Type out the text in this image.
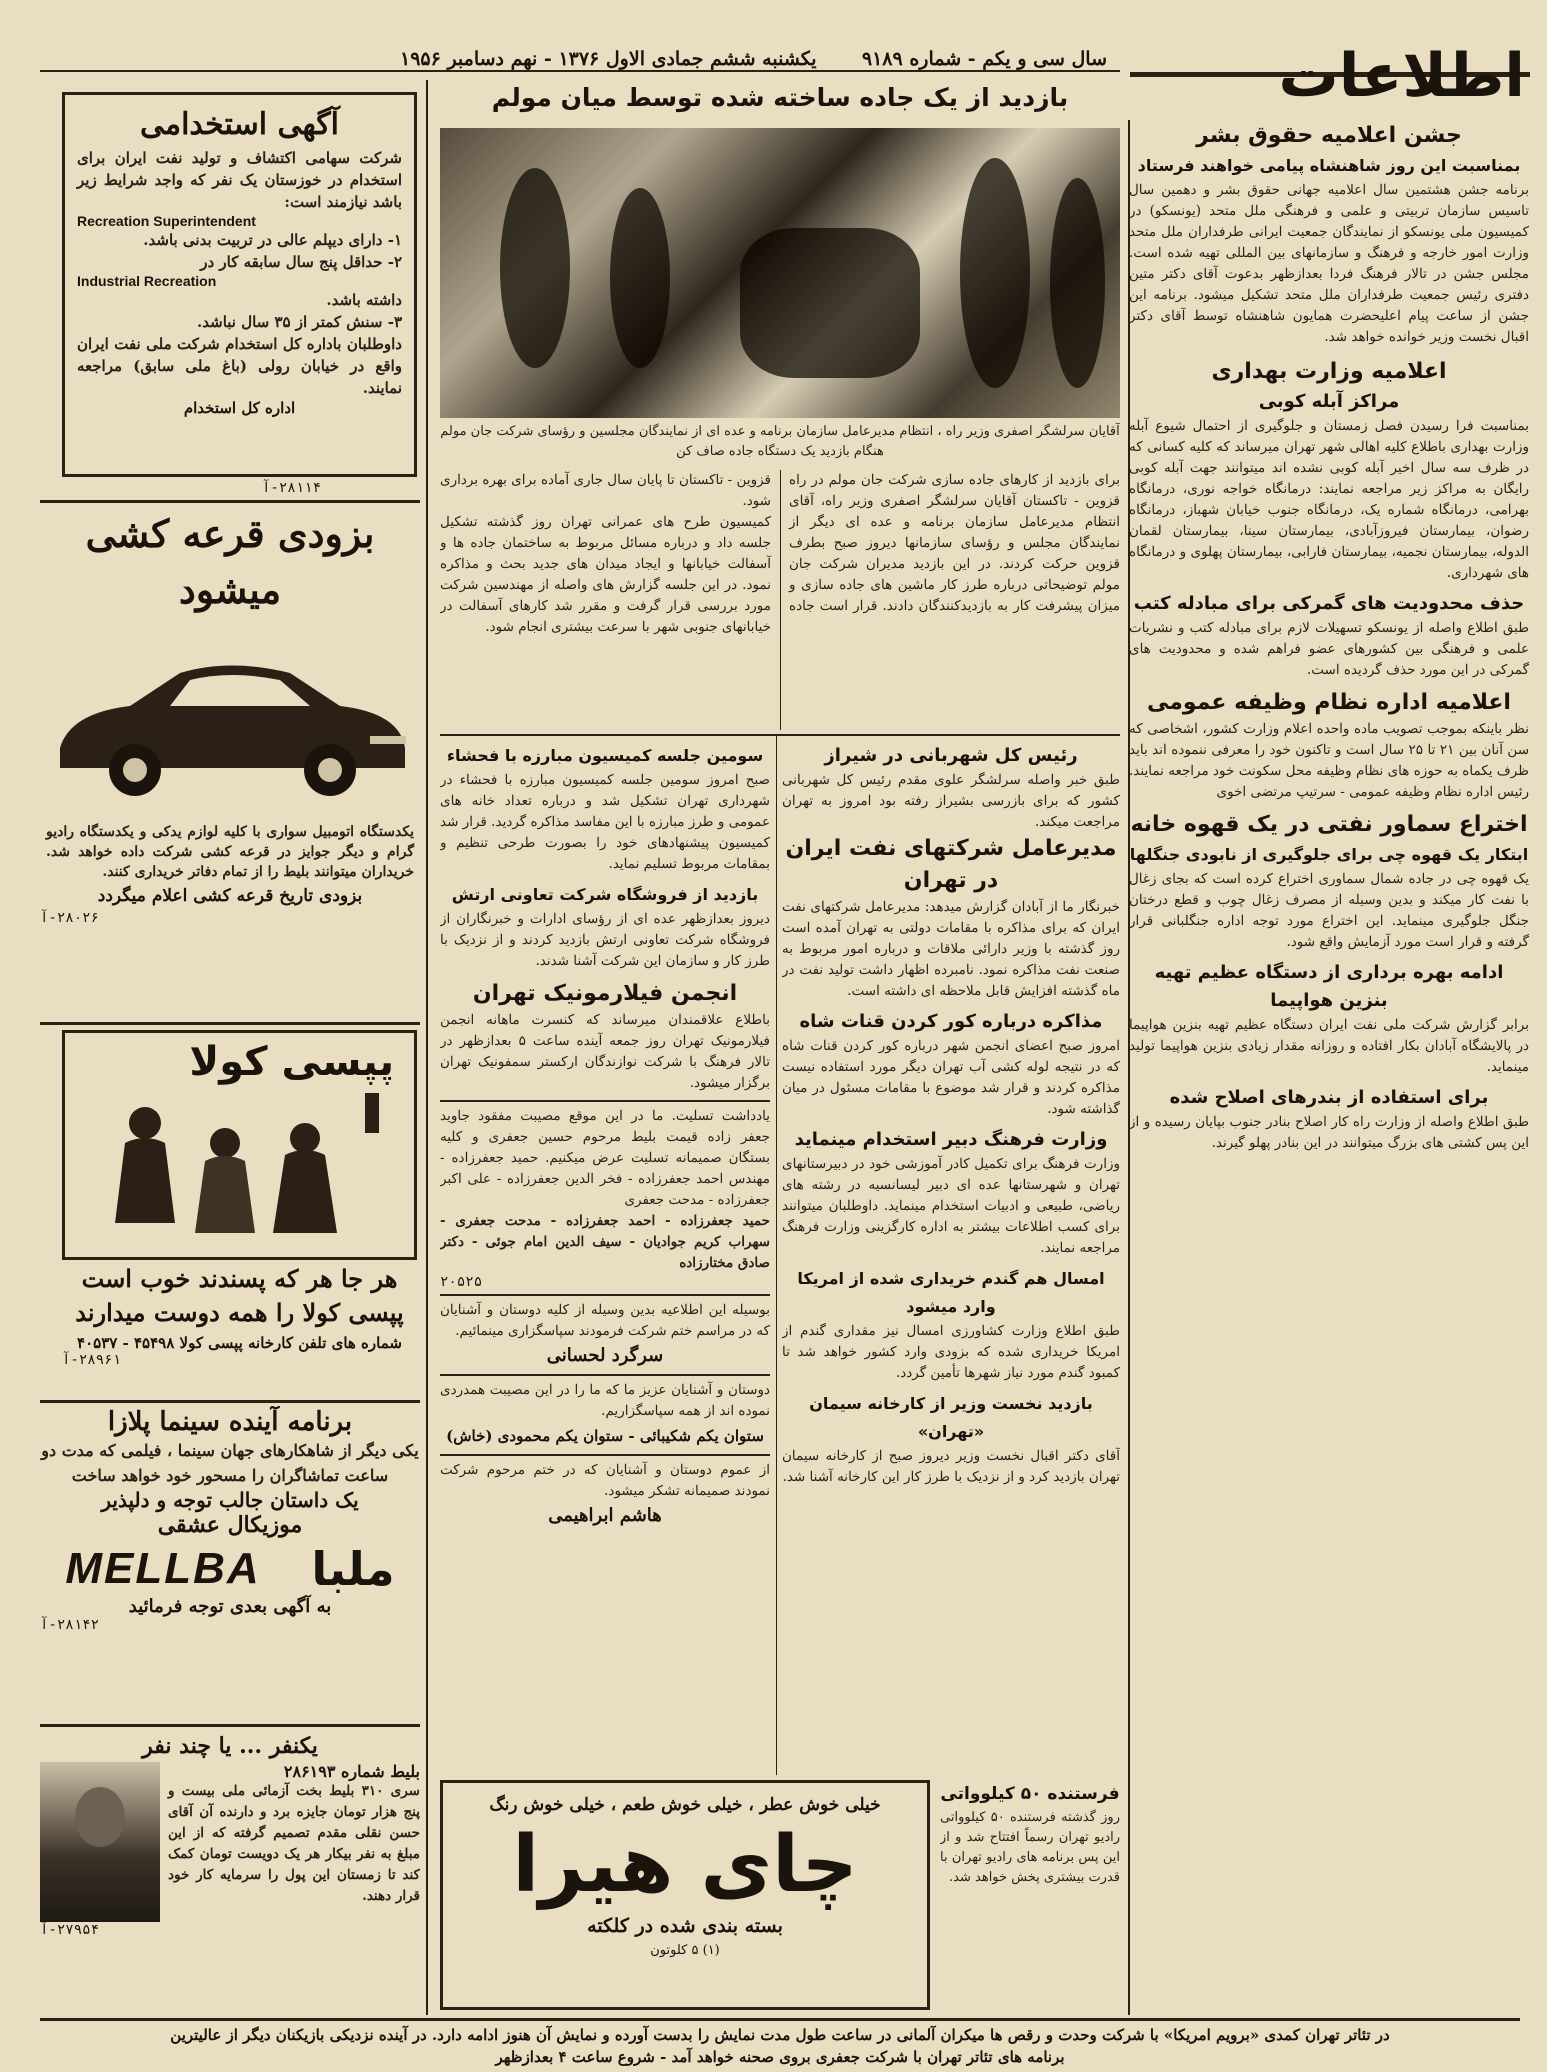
اطلاعات
سال سی و یکم - شماره ۹۱۸۹
یکشنبه ششم جمادی الاول ۱۳۷۶ - نهم دسامبر ۱۹۵۶
جشن اعلامیه حقوق بشر
بمناسبت این روز شاهنشاه پیامی خواهند فرستاد

برنامه جشن هشتمین سال اعلامیه جهانی حقوق بشر و دهمین سال تاسیس سازمان تربیتی و علمی و فرهنگی ملل متحد (یونسکو) در کمیسیون ملی یونسکو از نمایندگان جمعیت ایرانی طرفداران ملل متحد وزارت امور خارجه و فرهنگ و سازمانهای بین المللی تهیه شده است. مجلس جشن در تالار فرهنگ فردا بعدازظهر بدعوت آقای دکتر متین دفتری رئیس جمعیت طرفداران ملل متحد تشکیل میشود. برنامه این جشن از ساعت پیام اعلیحضرت همایون شاهنشاه توسط آقای دکتر اقبال نخست وزیر خوانده خواهد شد.

اعلامیه وزارت بهداری
مراکز آبله کوبی

بمناسبت فرا رسیدن فصل زمستان و جلوگیری از احتمال شیوع آبله وزارت بهداری باطلاع کلیه اهالی شهر تهران میرساند که کلیه کسانی که در ظرف سه سال اخیر آبله کوبی نشده اند میتوانند جهت آبله کوبی رایگان به مراکز زیر مراجعه نمایند: درمانگاه خواجه نوری، درمانگاه بهرامی، درمانگاه شماره یک، درمانگاه جنوب خیابان شهباز، درمانگاه رضوان، بیمارستان فیروزآبادی، بیمارستان سینا، بیمارستان لقمان الدوله، بیمارستان نجمیه، بیمارستان فارابی، بیمارستان پهلوی و درمانگاه های شهرداری.

حذف محدودیت های گمرکی برای مبادله کتب

طبق اطلاع واصله از یونسکو تسهیلات لازم برای مبادله کتب و نشریات علمی و فرهنگی بین کشورهای عضو فراهم شده و محدودیت های گمرکی در این مورد حذف گردیده است.

اعلامیه اداره نظام وظیفه عمومی

نظر باینکه بموجب تصویب ماده واحده اعلام وزارت کشور، اشخاصی که سن آنان بین ۲۱ تا ۲۵ سال است و تاکنون خود را معرفی ننموده اند باید ظرف یکماه به حوزه های نظام وظیفه محل سکونت خود مراجعه نمایند. رئیس اداره نظام وظیفه عمومی - سرتیپ مرتضی اخوی

اختراع سماور نفتی در یک قهوه خانه
ابتکار یک قهوه چی برای جلوگیری از نابودی جنگلها

یک قهوه چی در جاده شمال سماوری اختراع کرده است که بجای زغال با نفت کار میکند و بدین وسیله از مصرف زغال چوب و قطع درختان جنگل جلوگیری مینماید. این اختراع مورد توجه اداره جنگلبانی قرار گرفته و قرار است مورد آزمایش واقع شود.

ادامه بهره برداری از دستگاه عظیم تهیه بنزین هواپیما

برابر گزارش شرکت ملی نفت ایران دستگاه عظیم تهیه بنزین هواپیما در پالایشگاه آبادان بکار افتاده و روزانه مقدار زیادی بنزین هواپیما تولید مینماید.

برای استفاده از بندرهای اصلاح شده

طبق اطلاع واصله از وزارت راه کار اصلاح بنادر جنوب بپایان رسیده و از این پس کشتی های بزرگ میتوانند در این بنادر پهلو گیرند.

بازدید از یک جاده ساخته شده توسط میان مولم

آقایان سرلشگر اصفری وزیر راه ، انتظام مدیرعامل سازمان برنامه و عده ای از نمایندگان مجلسین و رؤسای شرکت جان مولم هنگام بازدید یک دستگاه جاده صاف کن

برای بازدید از کارهای جاده سازی شرکت جان مولم در راه قزوین - تاکستان آقایان سرلشگر اصفری وزیر راه، آقای انتظام مدیرعامل سازمان برنامه و عده ای دیگر از نمایندگان مجلس و رؤسای سازمانها دیروز صبح بطرف قزوین حرکت کردند. در این بازدید مدیران شرکت جان مولم توضیحاتی درباره طرز کار ماشین های جاده سازی و میزان پیشرفت کار به بازدیدکنندگان دادند. قرار است جاده قزوین - تاکستان تا پایان سال جاری آماده برای بهره برداری شود.

کمیسیون طرح های عمرانی تهران روز گذشته تشکیل جلسه داد و درباره مسائل مربوط به ساختمان جاده ها و آسفالت خیابانها و ایجاد میدان های جدید بحث و مذاکره نمود. در این جلسه گزارش های واصله از مهندسین شرکت مورد بررسی قرار گرفت و مقرر شد کارهای آسفالت در خیابانهای جنوبی شهر با سرعت بیشتری انجام شود.

رئیس کل شهربانی در شیراز

طبق خبر واصله سرلشگر علوی مقدم رئیس کل شهربانی کشور که برای بازرسی بشیراز رفته بود امروز به تهران مراجعت میکند.

مدیرعامل شرکتهای نفت ایران در تهران

خبرنگار ما از آبادان گزارش میدهد: مدیرعامل شرکتهای نفت ایران که برای مذاکره با مقامات دولتی به تهران آمده است روز گذشته با وزیر دارائی ملاقات و درباره امور مربوط به صنعت نفت مذاکره نمود. نامبرده اظهار داشت تولید نفت در ماه گذشته افزایش قابل ملاحظه ای داشته است.

مذاکره درباره کور کردن قنات شاه

امروز صبح اعضای انجمن شهر درباره کور کردن قنات شاه که در نتیجه لوله کشی آب تهران دیگر مورد استفاده نیست مذاکره کردند و قرار شد موضوع با مقامات مسئول در میان گذاشته شود.

وزارت فرهنگ دبیر استخدام مینماید

وزارت فرهنگ برای تکمیل کادر آموزشی خود در دبیرستانهای تهران و شهرستانها عده ای دبیر لیسانسیه در رشته های ریاضی، طبیعی و ادبیات استخدام مینماید. داوطلبان میتوانند برای کسب اطلاعات بیشتر به اداره کارگزینی وزارت فرهنگ مراجعه نمایند.

امسال هم گندم خریداری شده از امریکا وارد میشود

طبق اطلاع وزارت کشاورزی امسال نیز مقداری گندم از امریکا خریداری شده که بزودی وارد کشور خواهد شد تا کمبود گندم مورد نیاز شهرها تأمین گردد.

بازدید نخست وزیر از کارخانه سیمان «تهران»

آقای دکتر اقبال نخست وزیر دیروز صبح از کارخانه سیمان تهران بازدید کرد و از نزدیک با طرز کار این کارخانه آشنا شد.

سومین جلسه کمیسیون مبارزه با فحشاء

صبح امروز سومین جلسه کمیسیون مبارزه با فحشاء در شهرداری تهران تشکیل شد و درباره تعداد خانه های عمومی و طرز مبارزه با این مفاسد مذاکره گردید. قرار شد کمیسیون پیشنهادهای خود را بصورت طرحی تنظیم و بمقامات مربوط تسلیم نماید.

بازدید از فروشگاه شرکت تعاونی ارتش

دیروز بعدازظهر عده ای از رؤسای ادارات و خبرنگاران از فروشگاه شرکت تعاونی ارتش بازدید کردند و از نزدیک با طرز کار و سازمان این شرکت آشنا شدند.

انجمن فیلارمونیک تهران

باطلاع علاقمندان میرساند که کنسرت ماهانه انجمن فیلارمونیک تهران روز جمعه آینده ساعت ۵ بعدازظهر در تالار فرهنگ با شرکت نوازندگان ارکستر سمفونیک تهران برگزار میشود.

یادداشت تسلیت. ما در این موقع مصیبت مفقود جاوید جعفر زاده قیمت بلیط مرحوم حسین جعفری و کلیه بستگان صمیمانه تسلیت عرض میکنیم. حمید جعفرزاده - مهندس احمد جعفرزاده - فخر الدین جعفرزاده - علی اکبر جعفرزاده - مدحت جعفری

حمید جعفرزاده - احمد جعفرزاده - مدحت جعفری - سهراب کریم جوادیان - سیف الدین امام جوئی - دکتر صادق مختارزاده

۲۰۵۲۵

بوسیله این اطلاعیه بدین وسیله از کلیه دوستان و آشنایان که در مراسم ختم شرکت فرمودند سپاسگزاری مینمائیم.

سرگرد لحسانی

دوستان و آشنایان عزیز ما که ما را در این مصیبت همدردی نموده اند از همه سپاسگزاریم.

ستوان یکم شکیبائی - ستوان یکم محمودی (خاش)

از عموم دوستان و آشنایان که در ختم مرحوم شرکت نمودند صمیمانه تشکر میشود.

هاشم ابراهیمی
خیلی خوش عطر ، خیلی خوش طعم ، خیلی خوش رنگ
چای هیرا
بسته بندی شده در کلکته
(۱) ۵ کلوتون
فرستنده ۵۰ کیلوواتی

روز گذشته فرستنده ۵۰ کیلوواتی رادیو تهران رسماً افتتاح شد و از این پس برنامه های رادیو تهران با قدرت بیشتری پخش خواهد شد.

آگهی استخدامی

شرکت سهامی اکتشاف و تولید نفت ایران برای استخدام در خوزستان یک نفر که واجد شرایط زیر باشد نیازمند است:

Recreation Superintendent

۱- دارای دیپلم عالی در تربیت بدنی باشد.

۲- حداقل پنج سال سابقه کار در

Industrial Recreation

داشته باشد.

۳- سنش کمتر از ۳۵ سال نباشد.

داوطلبان باداره کل استخدام شرکت ملی نفت ایران واقع در خیابان رولی (باغ ملی سابق) مراجعه نمایند.

اداره کل استخدام
۲۸۱۱۴-آ
بزودی قرعه کشی میشود

یکدستگاه اتومبیل سواری با کلیه لوازم یدکی و یکدستگاه رادیو گرام و دیگر جوایز در قرعه کشی شرکت داده خواهد شد. خریداران میتوانند بلیط را از تمام دفاتر خریداری کنند.

بزودی تاریخ قرعه کشی اعلام میگردد
۲۸۰۲۶-آ
پپسی کولا
هر جا هر که پسندند خوب است
پپسی کولا را همه دوست میدارند
شماره های تلفن کارخانه پپسی کولا ۴۵۴۹۸ - ۴۰۵۳۷
۲۸۹۶۱-آ
برنامه آینده سینما پلازا

یکی دیگر از شاهکارهای جهان سینما ، فیلمی که مدت دو ساعت تماشاگران را مسحور خود خواهد ساخت

یک داستان جالب توجه و دلپذیر
موزیکال عشقی
ملبا
MELLBA
به آگهی بعدی توجه فرمائید
۲۸۱۴۲-آ
یکنفر ... یا چند نفر
بلیط شماره ۲۸۶۱۹۳

سری ۳۱۰ بلیط بخت آزمائی ملی بیست و پنج هزار تومان جایزه برد و دارنده آن آقای حسن نقلی مقدم تصمیم گرفته که از این مبلغ به نفر بیکار هر یک دویست تومان کمک کند تا زمستان این پول را سرمایه کار خود قرار دهند.

۲۷۹۵۴-آ
در تئاتر تهران کمدی «برویم امریکا» با شرکت وحدت و رقص ها میکران آلمانی در ساعت طول مدت نمایش را بدست آورده و نمایش آن هنوز ادامه دارد. در آینده نزدیکی بازیکنان دیگر از عالیترین
برنامه های تئاتر تهران با شرکت جعفری بروی صحنه خواهد آمد - شروع ساعت ۴ بعدازظهر
